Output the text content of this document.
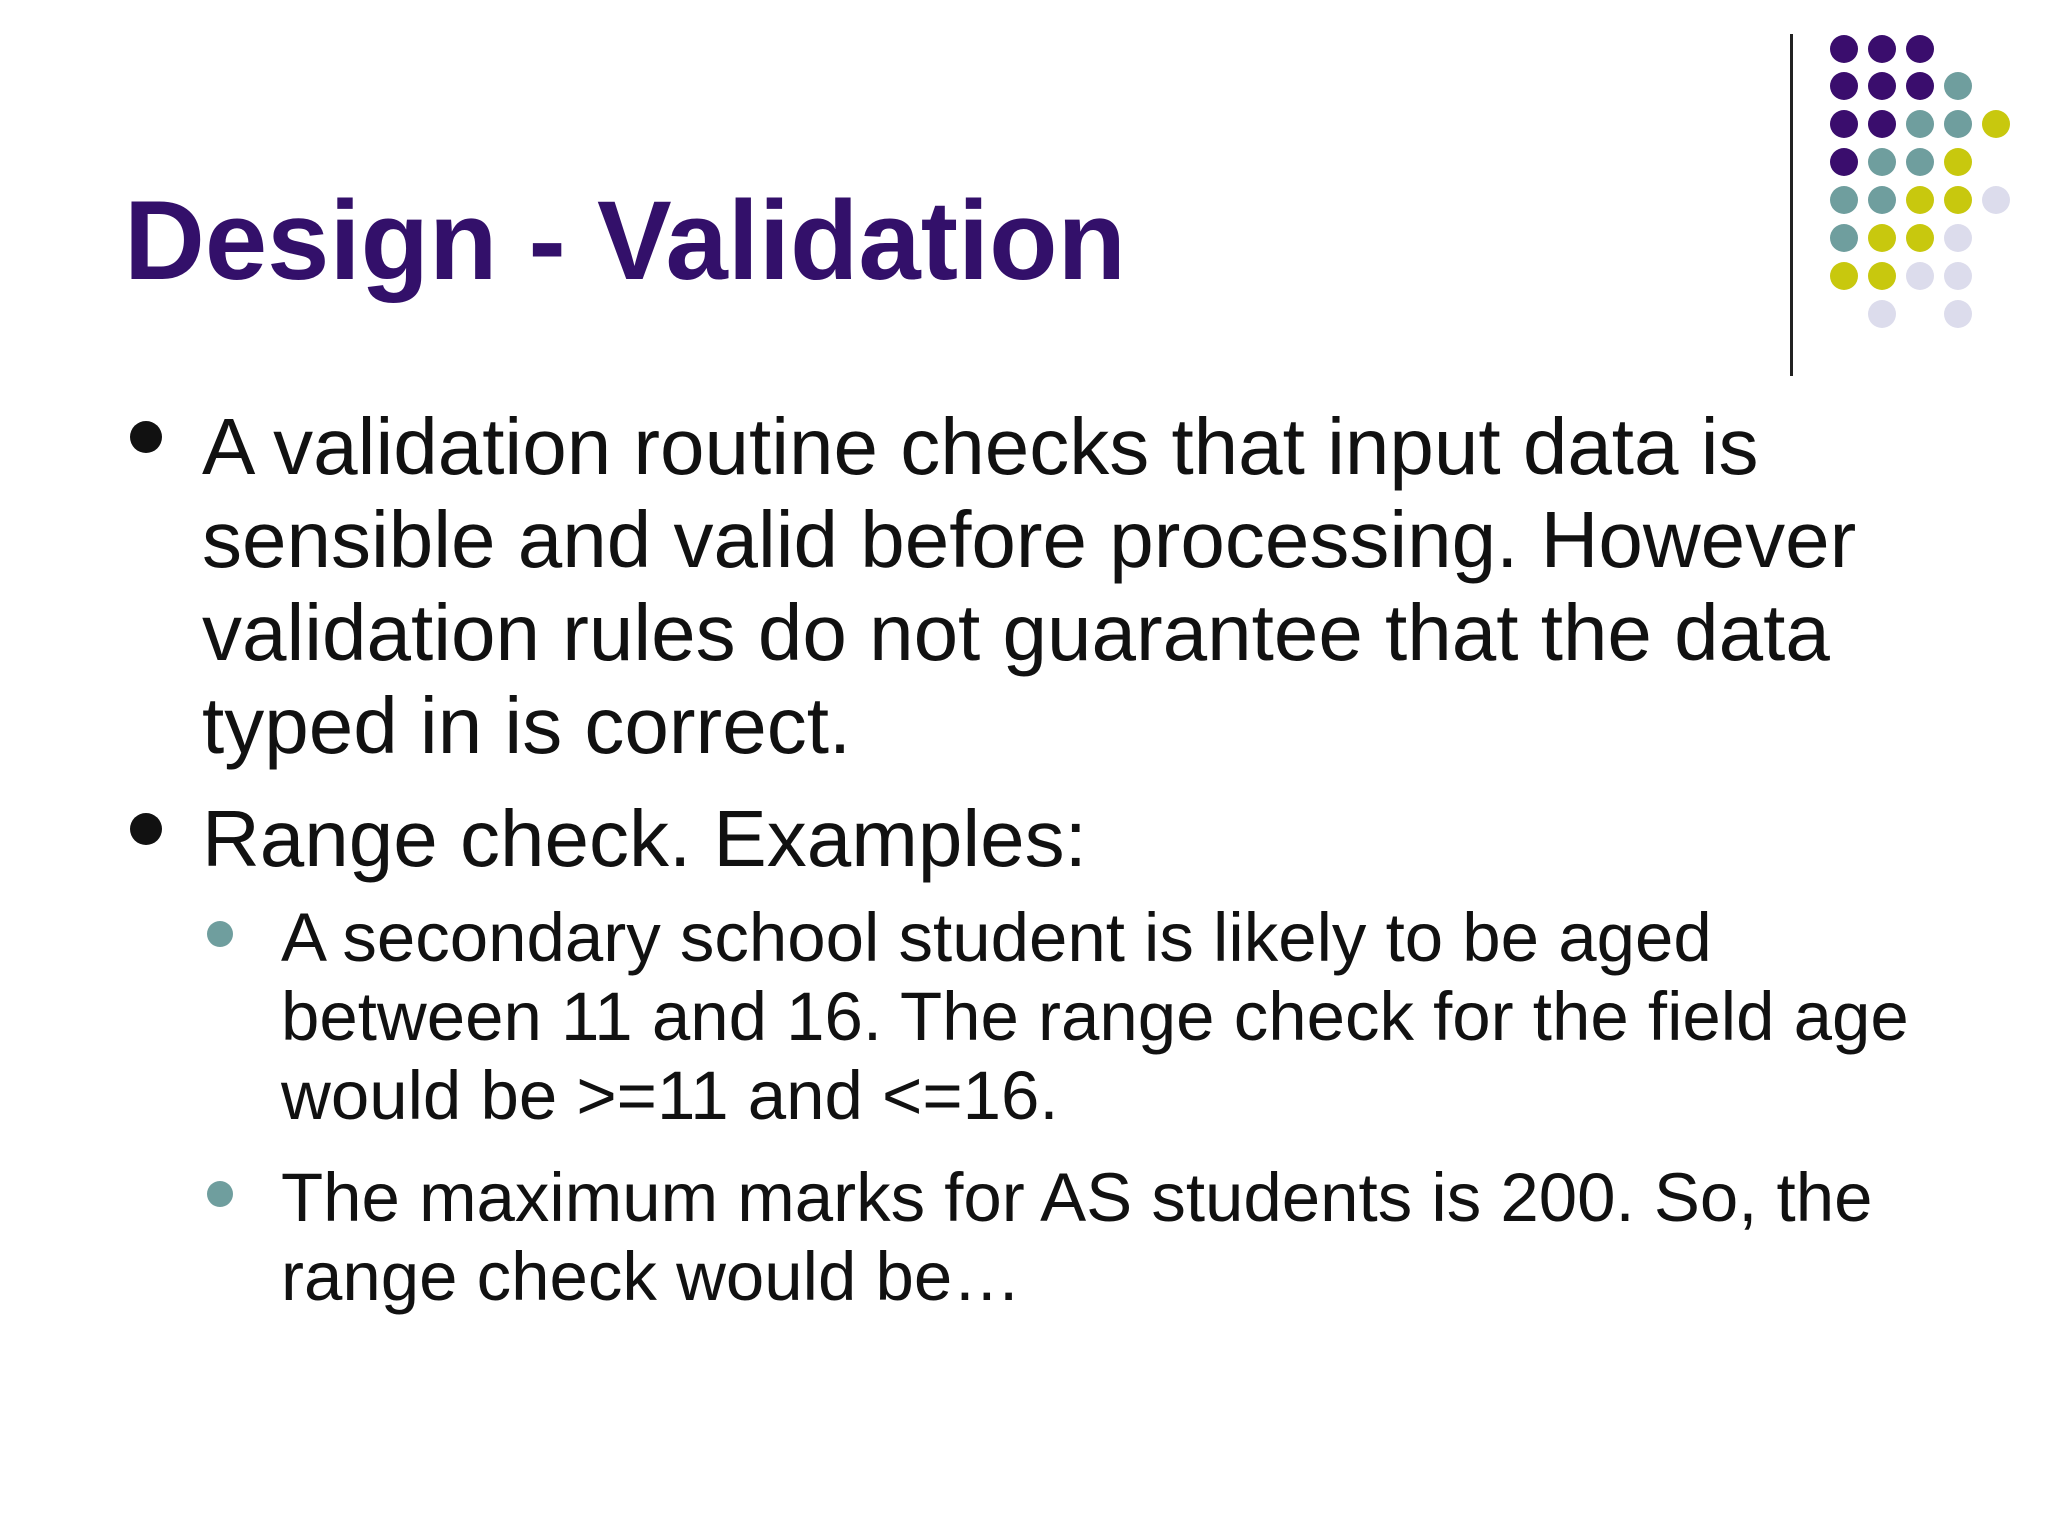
Design - Validation

A validation routine checks that input data is sensible and valid before processing. However validation rules do not guarantee that the data typed in is correct.

Range check. Examples:

A secondary school student is likely to be aged between 11 and 16. The range check for the field age would be >=11 and <=16.

The maximum marks for AS students is 200. So, the range check would be…
